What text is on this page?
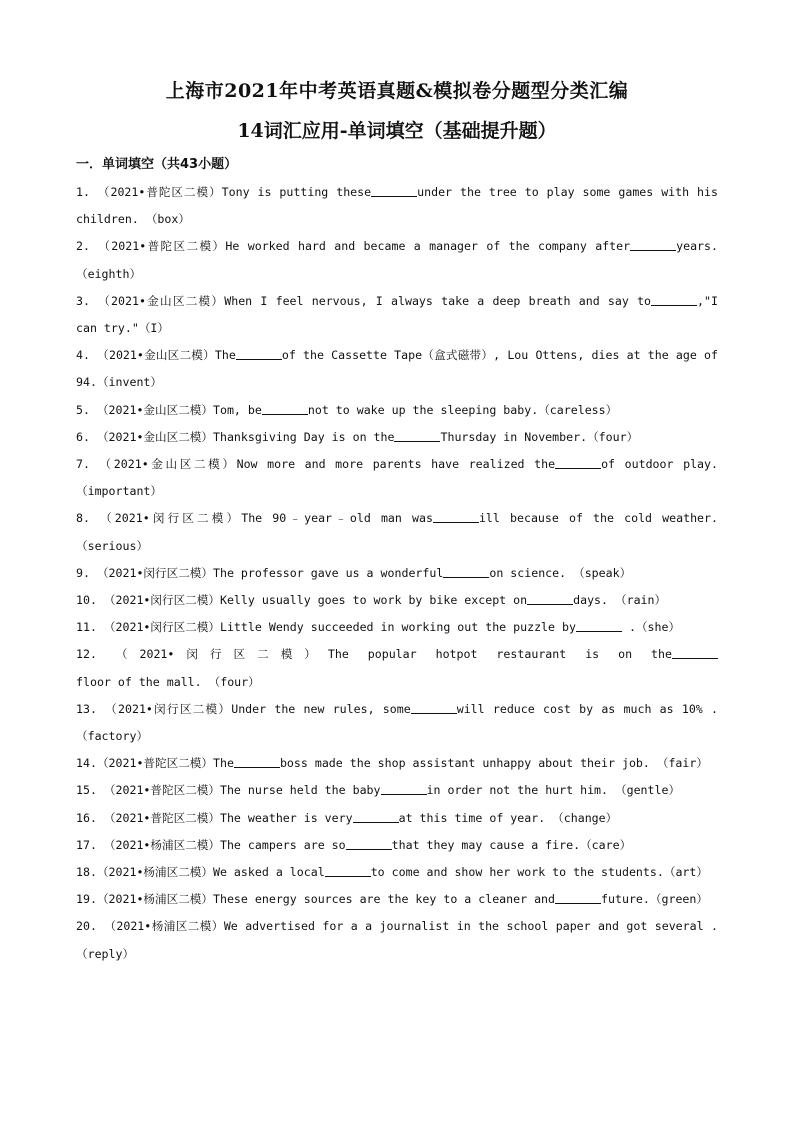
上海市2021年中考英语真题&模拟卷分题型分类汇编
14词汇应用-单词填空（基础提升题）
一．单词填空（共43小题）
1. （2021•普陀区二模）Tony is putting these	under the tree to play some games with his children. （box）
2. （2021•普陀区二模）He worked hard and became a manager of the company after	years. （eighth）
3. （2021•金山区二模）When I feel nervous, I always take a deep breath and say to	,"I can try."（I）
4. （2021•金山区二模）The	of the Cassette Tape（盒式磁带）, Lou Ottens, dies at the age of 94.（invent）
5. （2021•金山区二模）Tom, be	not to wake up the sleeping baby.（careless）
6. （2021•金山区二模）Thanksgiving Day is on the	Thursday in November.（four）
7. （2021•金山区二模）Now more and more parents have realized the	of outdoor play.（important）
8. （2021•闵行区二模）The 90﹣year﹣old man was	ill because of the cold weather. （serious）
9. （2021•闵行区二模）The professor gave us a wonderful	on science. （speak）
10. （2021•闵行区二模）Kelly usually goes to work by bike except on	days. （rain）
11. （2021•闵行区二模）Little Wendy succeeded in working out the puzzle by	.（she）
12. （2021•闵行区二模）The popular hotpot restaurant is on thefloor of the mall. （four）
13. （2021•闵行区二模）Under the new rules, some	will reduce cost by as much as 10% .（factory）
14.（2021•普陀区二模）The	boss made the shop assistant unhappy about their job. （fair）
15. （2021•普陀区二模）The nurse held the baby	in order not the hurt him. （gentle）
16. （2021•普陀区二模）The weather is very	at this time of year. （change）
17. （2021•杨浦区二模）The campers are so	that they may cause a fire.（care）
18.（2021•杨浦区二模）We asked a local	to come and show her work to the students.（art）
19.（2021•杨浦区二模）These energy sources are the key to a cleaner and	future.（green）
20. （2021•杨浦区二模）We advertised for a a journalist in the school paper and got several .（reply）
